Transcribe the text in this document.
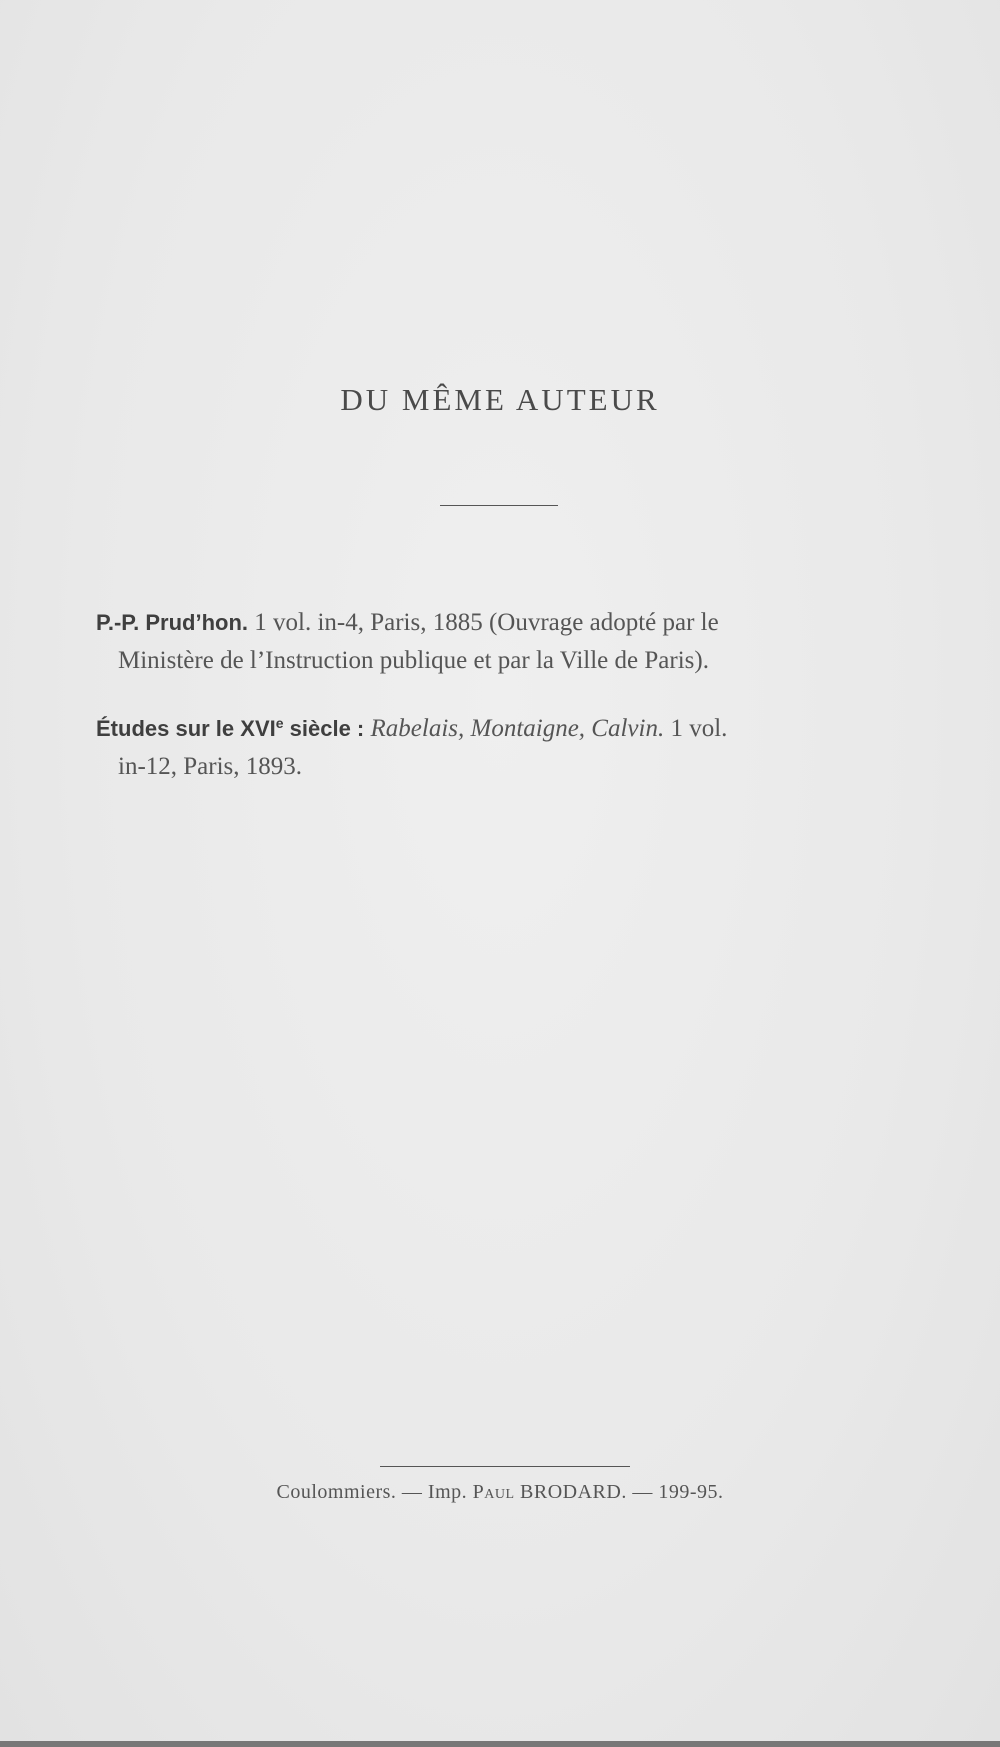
DU MÊME AUTEUR
P.-P. Prud’hon. 1 vol. in-4, Paris, 1885 (Ouvrage adopté par le
Ministère de l’Instruction publique et par la Ville de Paris).
Études sur le XVIe siècle : Rabelais, Montaigne, Calvin. 1 vol.
in-12, Paris, 1893.
Coulommiers. — Imp. Paul BRODARD. — 199-95.
